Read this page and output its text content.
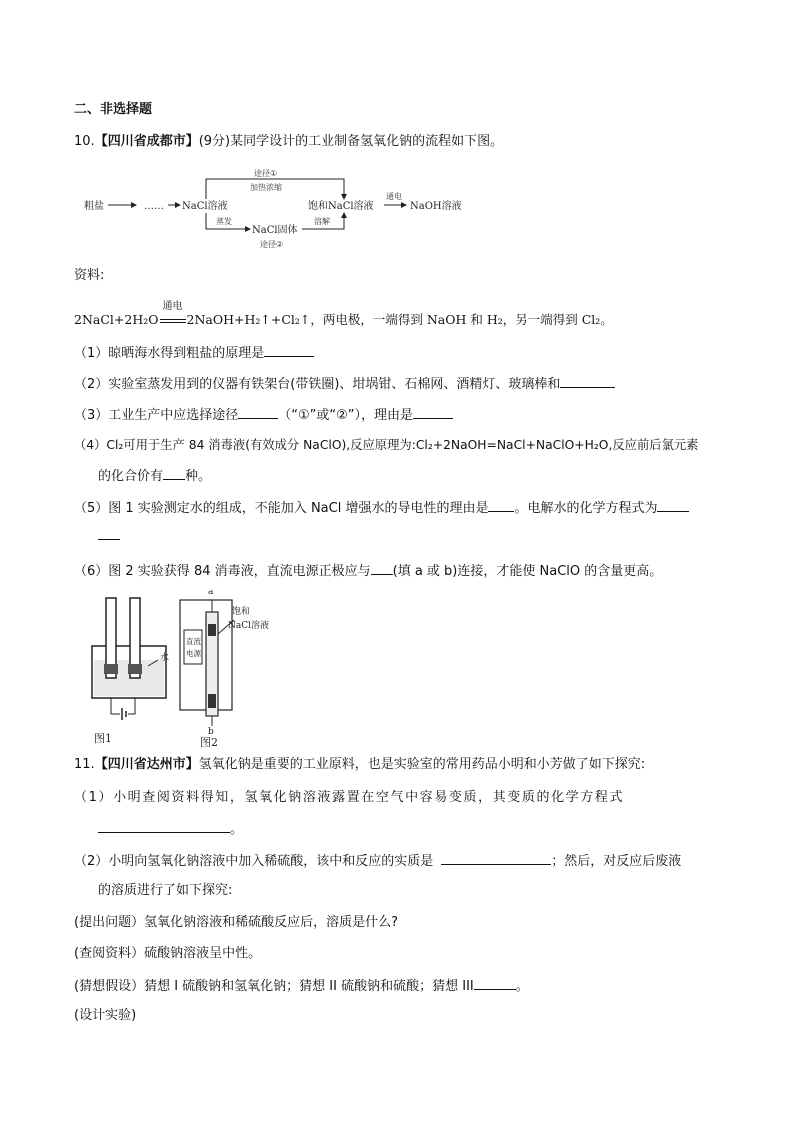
二、非选择题
10.【四川省成都市】(9分)某同学设计的工业制备氢氧化钠的流程如下图。
粗盐	…… NaCl溶液
途径①
加热浓缩
蒸发
NaCl固体
途径②
溶解
饱和NaCl溶液
通电
NaOH溶液
资料:
2NaCl+2H₂O
通电
2NaOH+H₂↑+Cl₂↑，两电极，一端得到 NaOH 和 H₂，另一端得到 Cl₂。
（1）晾晒海水得到粗盐的原理是
（2）实验室蒸发用到的仪器有铁架台(带铁圈)、坩埚钳、石棉网、酒精灯、玻璃棒和
（3）工业生产中应选择途径	（“①”或“②”），理由是
（4）Cl₂可用于生产 84 消毒液(有效成分 NaClO),反应原理为:Cl₂+2NaOH=NaCl+NaClO+H₂O,反应前后氯元素
的化合价有 种。
（5）图 1 实验测定水的组成，不能加入 NaCl 增强水的导电性的理由是 。电解水的化学方程式为
（6）图 2 实验获得 84 消毒液，直流电源正极应与 (填 a 或 b)连接，才能使 NaClO 的含量更高。
水
图1
a
直流
电源
饱和
NaCl溶液
b
图2
11.【四川省达州市】氢氧化钠是重要的工业原料，也是实验室的常用药品小明和小芳做了如下探究:
（1）小明查阅资料得知，氢氧化钠溶液露置在空气中容易变质，其变质的化学方程式
。
（2）小明向氢氧化钠溶液中加入稀硫酸，该中和反应的实质是	；然后，对反应后废液
的溶质进行了如下探究:
(提出问题）氢氧化钠溶液和稀硫酸反应后，溶质是什么?
(查阅资料）硫酸钠溶液呈中性。
(猜想假设）猜想 I 硫酸钠和氢氧化钠；猜想 II 硫酸钠和硫酸；猜想 III	。
(设计实验)
